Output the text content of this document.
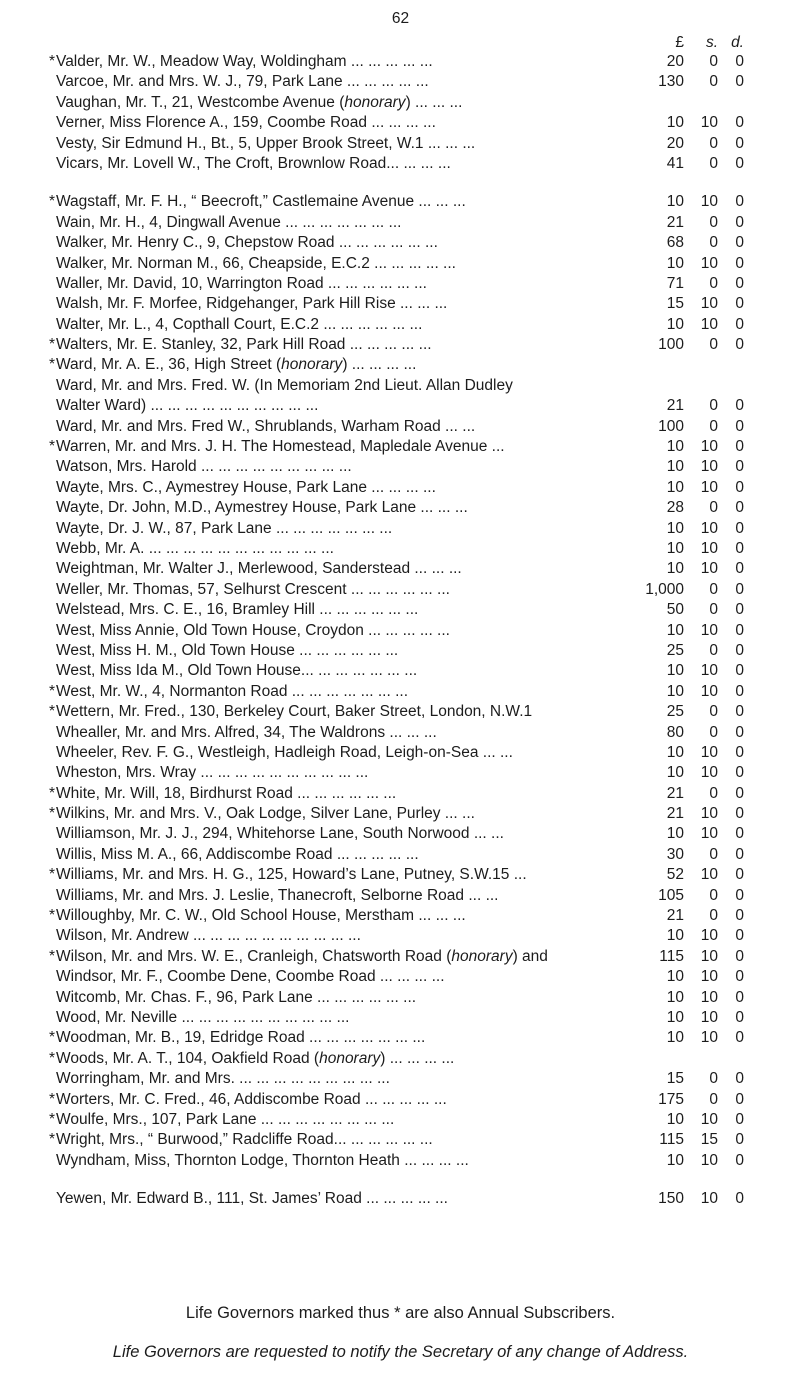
62
£	s. d.
* Valder, Mr. W., Meadow Way, Woldingham ... ... ... ... ...	20	0	0
Varcoe, Mr. and Mrs. W. J., 79, Park Lane ... ... ... ... ...	130	0	0
Vaughan, Mr. T., 21, Westcombe Avenue (honorary) ... ... ...
Verner, Miss Florence A., 159, Coombe Road ... ... ... ...	10	10	0
Vesty, Sir Edmund H., Bt., 5, Upper Brook Street, W.1 ... ... ...	20	0	0
Vicars, Mr. Lovell W., The Croft, Brownlow Road... ... ... ...	41	0	0
* Wagstaff, Mr. F. H., “ Beecroft,” Castlemaine Avenue ... ... ...	10	10	0
Wain, Mr. H., 4, Dingwall Avenue ... ... ... ... ... ... ...	21	0	0
Walker, Mr. Henry C., 9, Chepstow Road ... ... ... ... ... ...	68	0	0
Walker, Mr. Norman M., 66, Cheapside, E.C.2 ... ... ... ... ...	10	10	0
Waller, Mr. David, 10, Warrington Road ... ... ... ... ... ...	71	0	0
Walsh, Mr. F. Morfee, Ridgehanger, Park Hill Rise ... ... ...	15	10	0
Walter, Mr. L., 4, Copthall Court, E.C.2 ... ... ... ... ... ...	10	10	0
* Walters, Mr. E. Stanley, 32, Park Hill Road ... ... ... ... ...	100	0	0
* Ward, Mr. A. E., 36, High Street (honorary) ... ... ... ...
Ward, Mr. and Mrs. Fred. W. (In Memoriam 2nd Lieut. Allan Dudley
Walter Ward) ... ... ... ... ... ... ... ... ... ...	21	0	0
Ward, Mr. and Mrs. Fred W., Shrublands, Warham Road ... ...	100	0	0
* Warren, Mr. and Mrs. J. H. The Homestead, Mapledale Avenue ...	10	10	0
Watson, Mrs. Harold ... ... ... ... ... ... ... ... ...	10	10	0
Wayte, Mrs. C., Aymestrey House, Park Lane ... ... ... ...	10	10	0
Wayte, Dr. John, M.D., Aymestrey House, Park Lane ... ... ...	28	0	0
Wayte, Dr. J. W., 87, Park Lane ... ... ... ... ... ... ...	10	10	0
Webb, Mr. A. ... ... ... ... ... ... ... ... ... ... ...	10	10	0
Weightman, Mr. Walter J., Merlewood, Sanderstead ... ... ...	10	10	0
Weller, Mr. Thomas, 57, Selhurst Crescent ... ... ... ... ... ...	1,000	0	0
Welstead, Mrs. C. E., 16, Bramley Hill ... ... ... ... ... ...	50	0	0
West, Miss Annie, Old Town House, Croydon ... ... ... ... ...	10	10	0
West, Miss H. M., Old Town House ... ... ... ... ... ...	25	0	0
West, Miss Ida M., Old Town House... ... ... ... ... ... ...	10	10	0
* West, Mr. W., 4, Normanton Road ... ... ... ... ... ... ...	10	10	0
* Wettern, Mr. Fred., 130, Berkeley Court, Baker Street, London, N.W.1	25	0	0
Whealler, Mr. and Mrs. Alfred, 34, The Waldrons ... ... ...	80	0	0
Wheeler, Rev. F. G., Westleigh, Hadleigh Road, Leigh-on-Sea ... ...	10	10	0
Wheston, Mrs. Wray ... ... ... ... ... ... ... ... ... ...	10	10	0
* White, Mr. Will, 18, Birdhurst Road ... ... ... ... ... ...	21	0	0
* Wilkins, Mr. and Mrs. V., Oak Lodge, Silver Lane, Purley ... ...	21	10	0
Williamson, Mr. J. J., 294, Whitehorse Lane, South Norwood ... ...	10	10	0
Willis, Miss M. A., 66, Addiscombe Road ... ... ... ... ...	30	0	0
* Williams, Mr. and Mrs. H. G., 125, Howard’s Lane, Putney, S.W.15 ...	52	10	0
Williams, Mr. and Mrs. J. Leslie, Thanecroft, Selborne Road ... ...	105	0	0
* Willoughby, Mr. C. W., Old School House, Merstham ... ... ...	21	0	0
Wilson, Mr. Andrew ... ... ... ... ... ... ... ... ... ...	10	10	0
* Wilson, Mr. and Mrs. W. E., Cranleigh, Chatsworth Road (honorary) and	115	10	0
Windsor, Mr. F., Coombe Dene, Coombe Road ... ... ... ...	10	10	0
Witcomb, Mr. Chas. F., 96, Park Lane ... ... ... ... ... ...	10	10	0
Wood, Mr. Neville ... ... ... ... ... ... ... ... ... ...	10	10	0
* Woodman, Mr. B., 19, Edridge Road ... ... ... ... ... ... ...	10	10	0
* Woods, Mr. A. T., 104, Oakfield Road (honorary) ... ... ... ...
Worringham, Mr. and Mrs. ... ... ... ... ... ... ... ... ...	15	0	0
* Worters, Mr. C. Fred., 46, Addiscombe Road ... ... ... ... ...	175	0	0
* Woulfe, Mrs., 107, Park Lane ... ... ... ... ... ... ... ...	10	10	0
* Wright, Mrs., “ Burwood,” Radcliffe Road... ... ... ... ... ...	115	15	0
Wyndham, Miss, Thornton Lodge, Thornton Heath ... ... ... ...	10	10	0
Yewen, Mr. Edward B., 111, St. James’ Road ... ... ... ... ...	150	10	0
Life Governors marked thus * are also Annual Subscribers.
Life Governors are requested to notify the Secretary of any change of Address.
